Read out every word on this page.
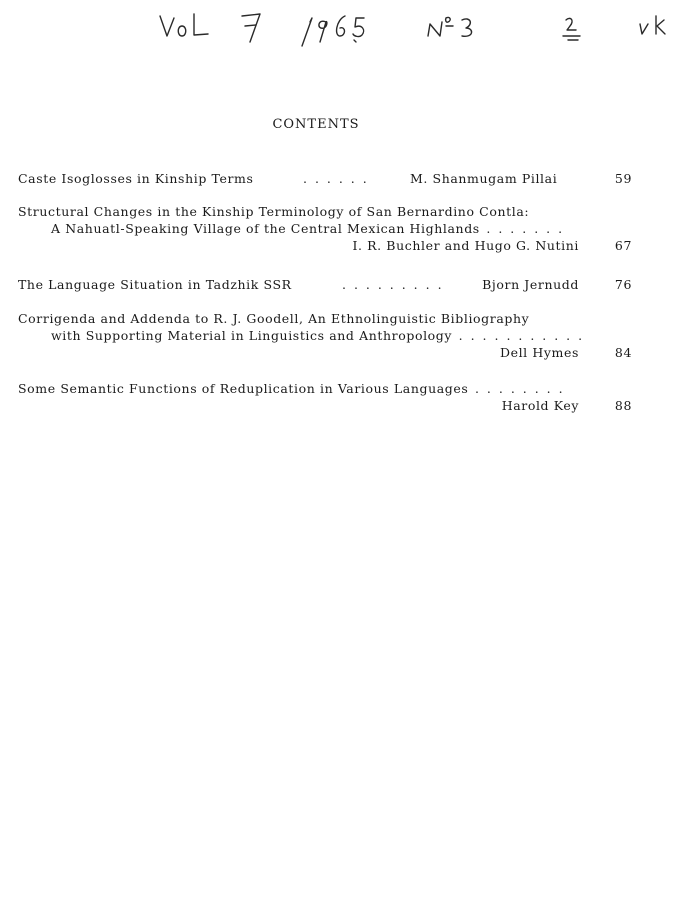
CONTENTS
Caste Isoglosses in Kinship Terms	. . . . . .	M. Shanmugam Pillai	59
Structural Changes in the Kinship Terminology of San Bernardino Contla:
A Nahuatl-Speaking Village of the Central Mexican Highlands . . . . . . .
I. R. Buchler and Hugo G. Nutini	67
The Language Situation in Tadzhik SSR	. . . . . . . . .	Bjorn Jernudd	76
Corrigenda and Addenda to R. J. Goodell, An Ethnolinguistic Bibliography
with Supporting Material in Linguistics and Anthropology . . . . . . . . . . .
Dell Hymes	84
Some Semantic Functions of Reduplication in Various Languages . . . . . . . .
Harold Key	88
